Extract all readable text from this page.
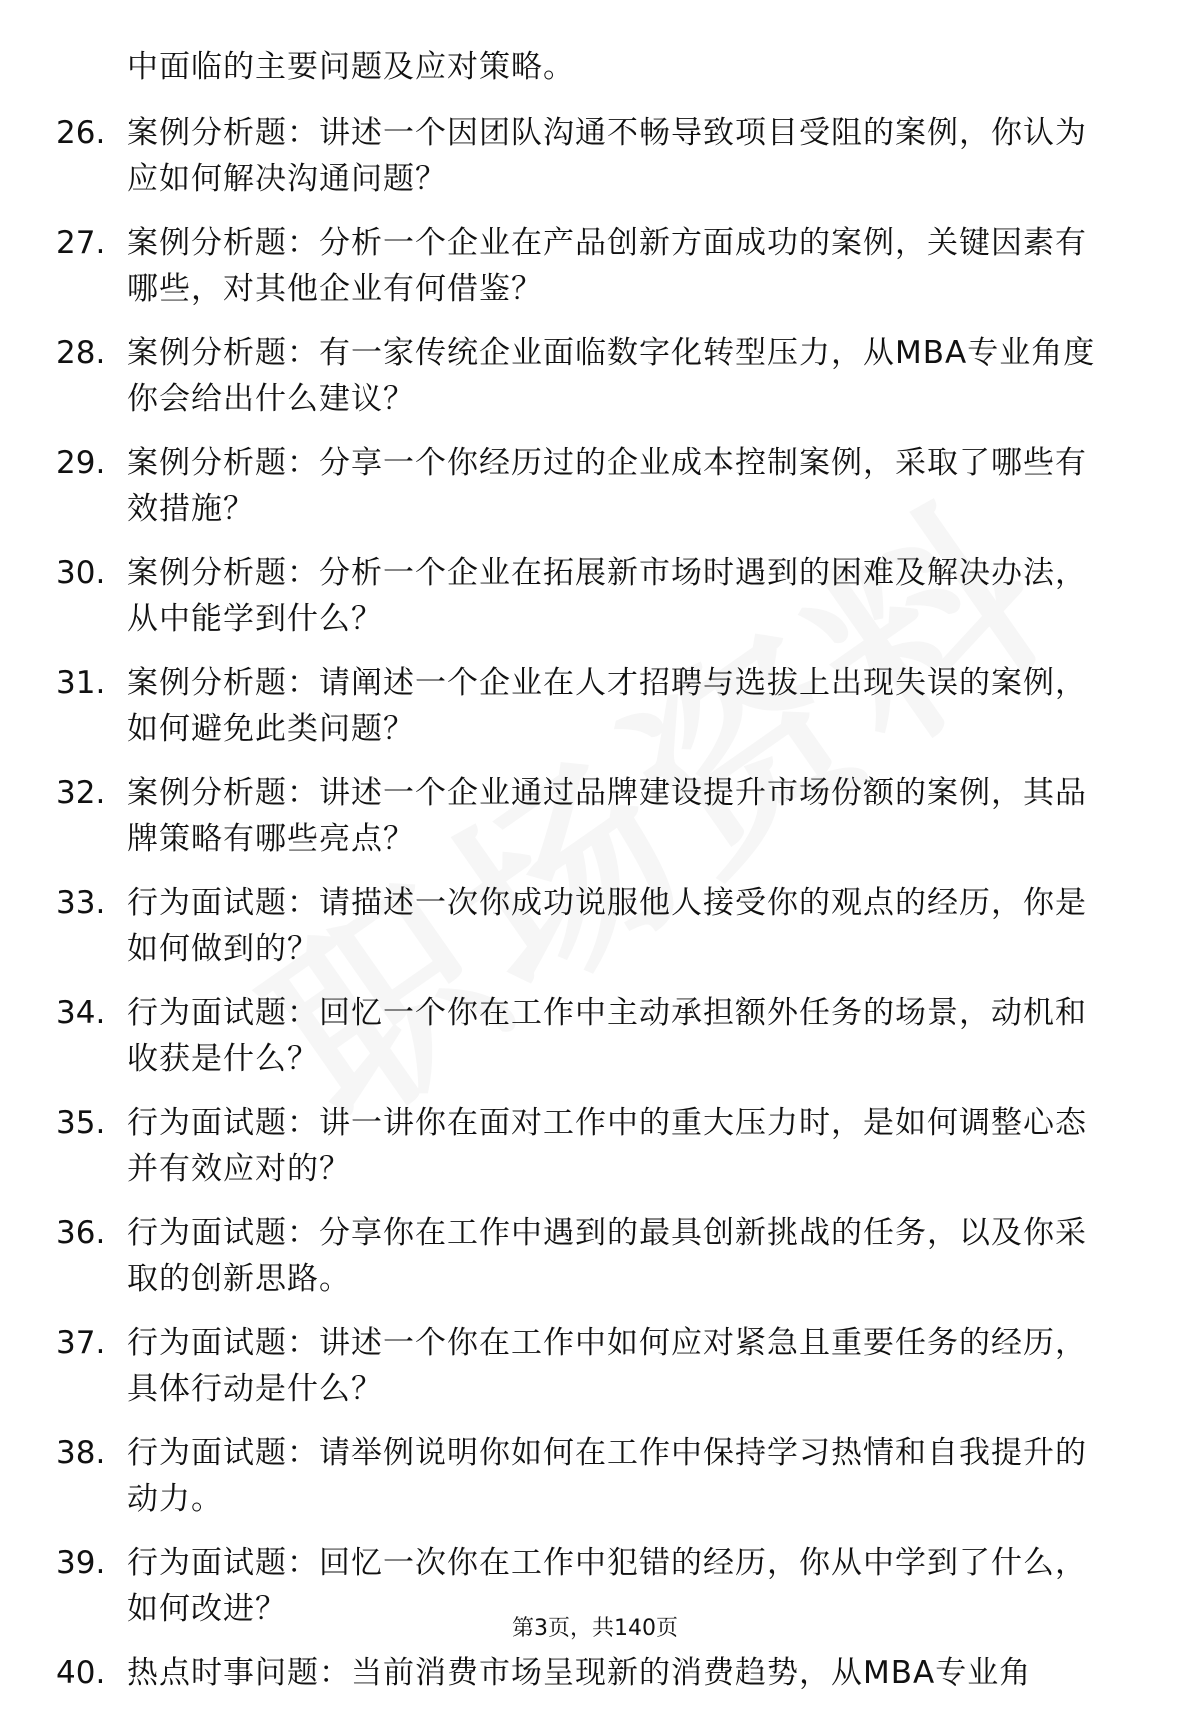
中面临的主要问题及应对策略。
26. 案例分析题：讲述一个因团队沟通不畅导致项目受阻的案例，你认为应如何解决沟通问题？
27. 案例分析题：分析一个企业在产品创新方面成功的案例，关键因素有哪些，对其他企业有何借鉴？
28. 案例分析题：有一家传统企业面临数字化转型压力，从MBA专业角度你会给出什么建议？
29. 案例分析题：分享一个你经历过的企业成本控制案例，采取了哪些有效措施？
30. 案例分析题：分析一个企业在拓展新市场时遇到的困难及解决办法，从中能学到什么？
31. 案例分析题：请阐述一个企业在人才招聘与选拔上出现失误的案例，如何避免此类问题？
32. 案例分析题：讲述一个企业通过品牌建设提升市场份额的案例，其品牌策略有哪些亮点？
33. 行为面试题：请描述一次你成功说服他人接受你的观点的经历，你是如何做到的？
34. 行为面试题：回忆一个你在工作中主动承担额外任务的场景，动机和收获是什么？
35. 行为面试题：讲一讲你在面对工作中的重大压力时，是如何调整心态并有效应对的？
36. 行为面试题：分享你在工作中遇到的最具创新挑战的任务，以及你采取的创新思路。
37. 行为面试题：讲述一个你在工作中如何应对紧急且重要任务的经历，具体行动是什么？
38. 行为面试题：请举例说明你如何在工作中保持学习热情和自我提升的动力。
39. 行为面试题：回忆一次你在工作中犯错的经历，你从中学到了什么，如何改进？
40. 热点时事问题：当前消费市场呈现新的消费趋势，从MBA专业角
第3页，共140页
